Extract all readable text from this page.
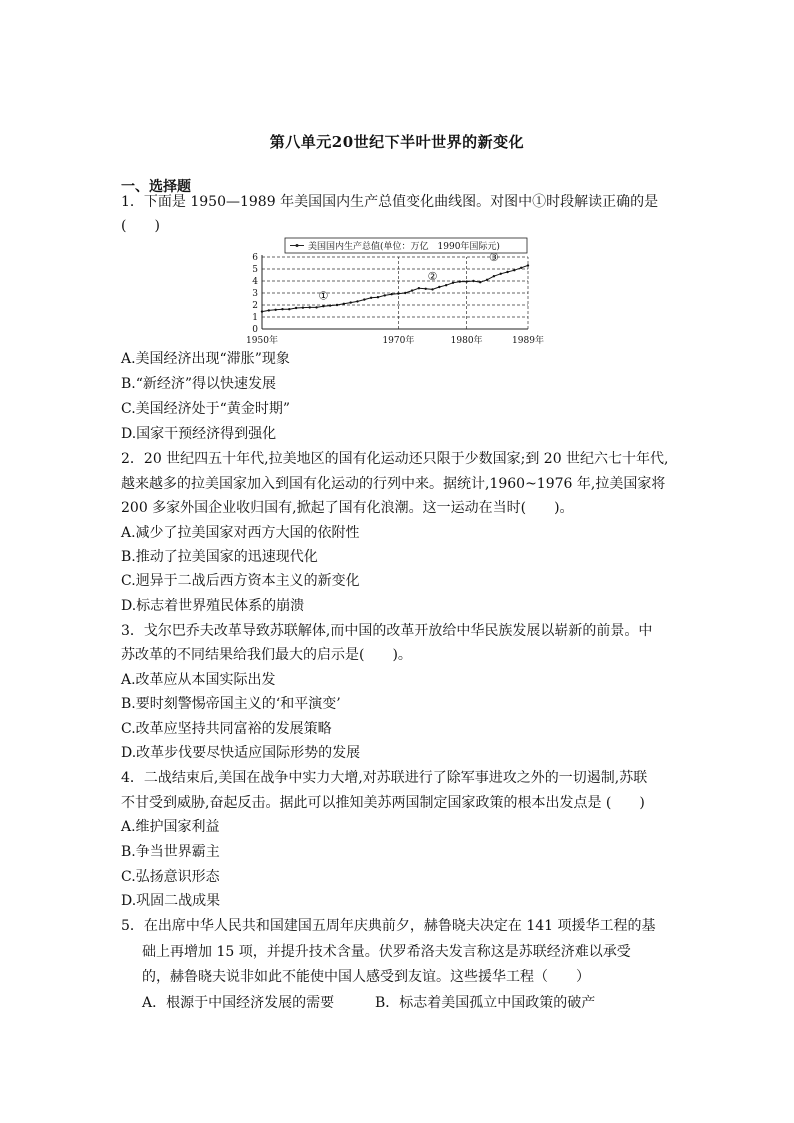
第八单元20世纪下半叶世界的新变化
一、选择题
1．下面是 1950—1989 年美国国内生产总值变化曲线图。对图中①时段解读正确的是
(　　)
美国国内生产总值(单位：万亿　1990年国际元)
0
1
2
3
4
5
6
1950年	1970年	1980年	1989年
①
②
③
A.美国经济出现“滞胀”现象
B.“新经济”得以快速发展
C.美国经济处于“黄金时期”
D.国家干预经济得到强化
2．20 世纪四五十年代,拉美地区的国有化运动还只限于少数国家;到 20 世纪六七十年代,
越来越多的拉美国家加入到国有化运动的行列中来。据统计,1960~1976 年,拉美国家将
200 多家外国企业收归国有,掀起了国有化浪潮。这一运动在当时(　　)。
A.减少了拉美国家对西方大国的依附性
B.推动了拉美国家的迅速现代化
C.迥异于二战后西方资本主义的新变化
D.标志着世界殖民体系的崩溃
3．戈尔巴乔夫改革导致苏联解体,而中国的改革开放给中华民族发展以崭新的前景。中
苏改革的不同结果给我们最大的启示是(　　)。
A.改革应从本国实际出发
B.要时刻警惕帝国主义的‘和平演变’
C.改革应坚持共同富裕的发展策略
D.改革步伐要尽快适应国际形势的发展
4．二战结束后,美国在战争中实力大增,对苏联进行了除军事进攻之外的一切遏制,苏联
不甘受到威胁,奋起反击。据此可以推知美苏两国制定国家政策的根本出发点是 (　　)
A.维护国家利益
B.争当世界霸主
C.弘扬意识形态
D.巩固二战成果
5．在出席中华人民共和国建国五周年庆典前夕，赫鲁晓夫决定在 141 项援华工程的基
础上再增加 15 项，并提升技术含量。伏罗希洛夫发言称这是苏联经济难以承受
的，赫鲁晓夫说非如此不能使中国人感受到友谊。这些援华工程（　　）
A．根源于中国经济发展的需要	B．标志着美国孤立中国政策的破产
